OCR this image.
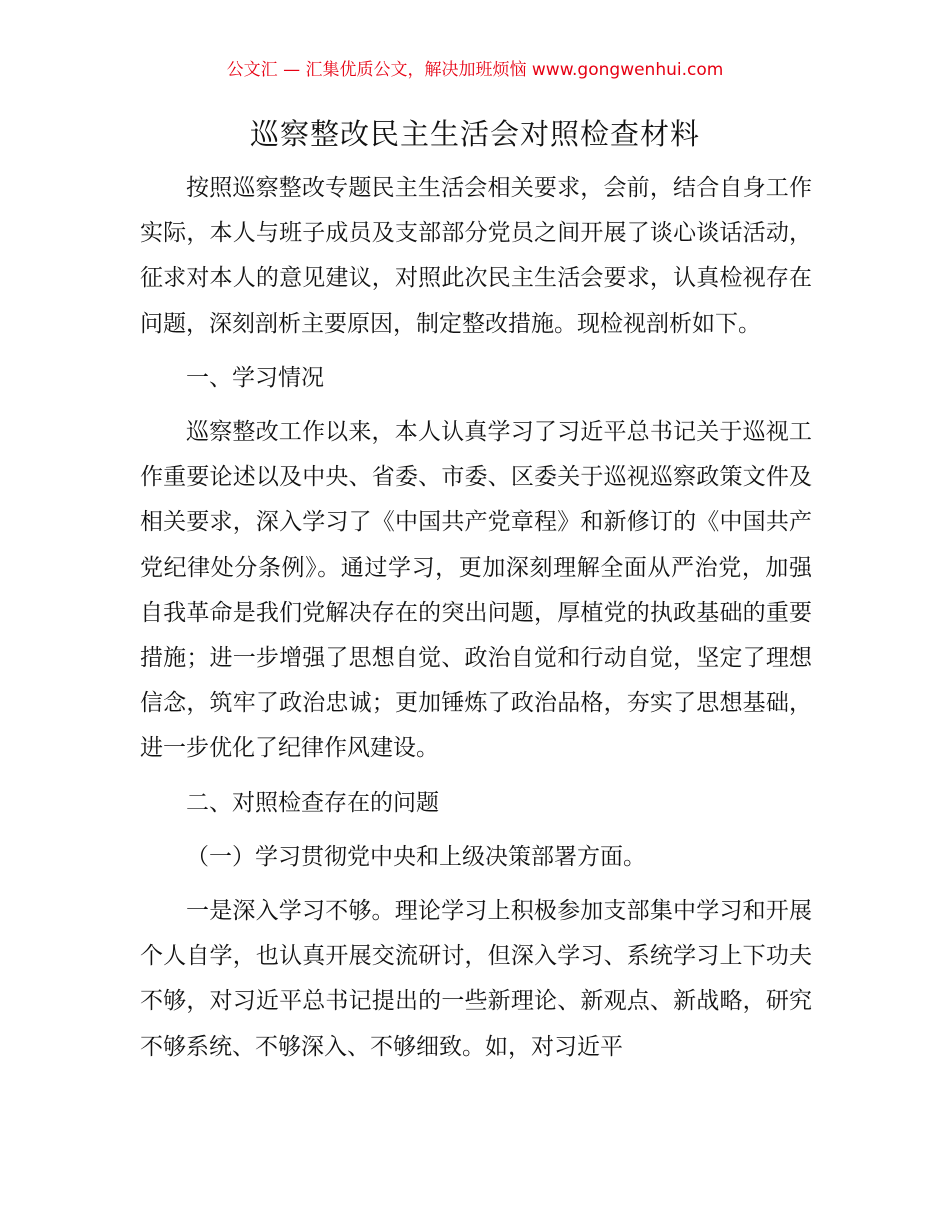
公文汇 — 汇集优质公文，解决加班烦恼 www.gongwenhui.com
巡察整改民主生活会对照检查材料

按照巡察整改专题民主生活会相关要求，会前，结合自身工作实际，本人与班子成员及支部部分党员之间开展了谈心谈话活动，征求对本人的意见建议，对照此次民主生活会要求，认真检视存在问题，深刻剖析主要原因，制定整改措施。现检视剖析如下。

一、学习情况

巡察整改工作以来，本人认真学习了习近平总书记关于巡视工作重要论述以及中央、省委、市委、区委关于巡视巡察政策文件及相关要求，深入学习了《中国共产党章程》和新修订的《中国共产党纪律处分条例》。通过学习，更加深刻理解全面从严治党，加强自我革命是我们党解决存在的突出问题，厚植党的执政基础的重要措施；进一步增强了思想自觉、政治自觉和行动自觉，坚定了理想信念，筑牢了政治忠诚；更加锤炼了政治品格，夯实了思想基础，进一步优化了纪律作风建设。

二、对照检查存在的问题

（一）学习贯彻党中央和上级决策部署方面。

一是深入学习不够。理论学习上积极参加支部集中学习和开展个人自学，也认真开展交流研讨，但深入学习、系统学习上下功夫不够，对习近平总书记提出的一些新理论、新观点、新战略，研究不够系统、不够深入、不够细致。如，对习近平
